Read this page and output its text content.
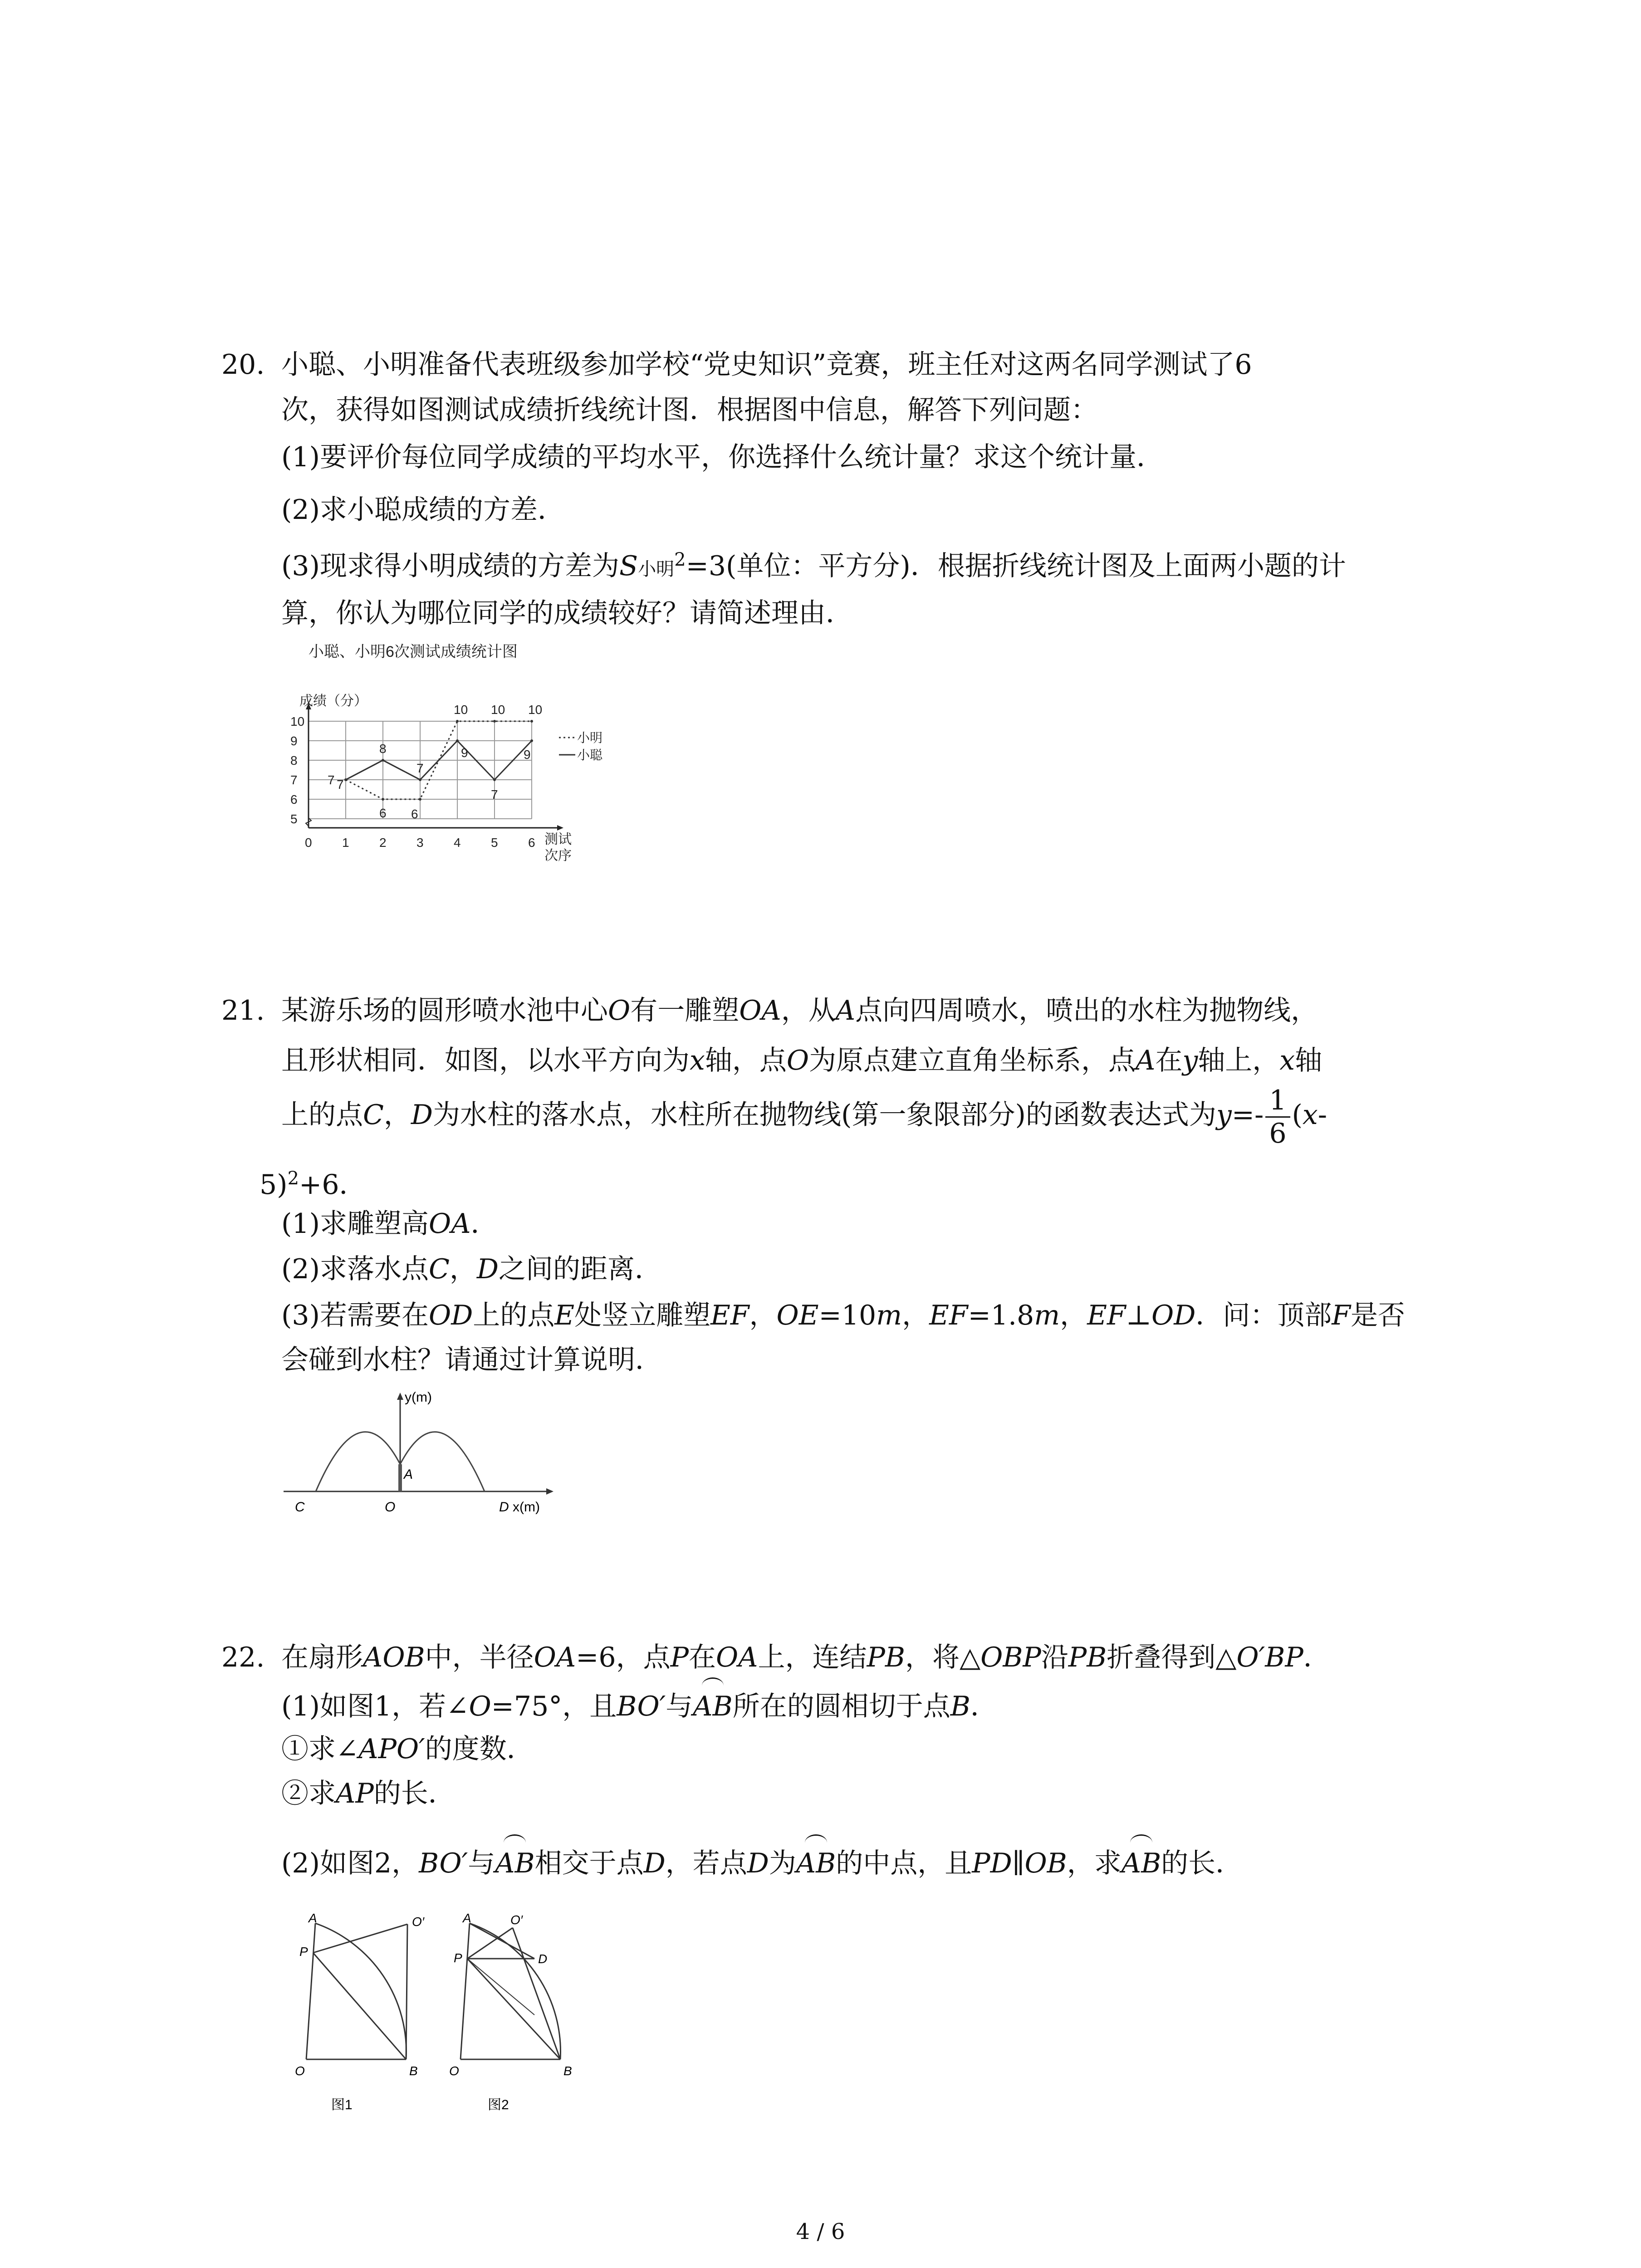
20. 小聪、小明准备代表班级参加学校“党史知识”竞赛，班主任对这两名同学测试了6
次，获得如图测试成绩折线统计图．根据图中信息，解答下列问题：
(1)要评价每位同学成绩的平均水平，你选择什么统计量？求这个统计量．
(2)求小聪成绩的方差．
(3)现求得小明成绩的方差为S小明$^2$=3(单位：平方分)．根据折线统计图及上面两小题的计
算，你认为哪位同学的成绩较好？请简述理由．
小聪、小明6次测试成绩统计图
成绩（分）
测试次序
5
6
7
8
9
10
0 1 2 3 4 5 6
7
6 6
10 10 10
7
8
7
9
7
9
小明
小聪
21. 某游乐场的圆形喷水池中心O有一雕塑OA，从A点向四周喷水，喷出的水柱为抛物线，
且形状相同．如图，以水平方向为x轴，点O为原点建立直角坐标系，点A在y轴上，x轴
上的点C，D为水柱的落水点，水柱所在抛物线(第一象限部分)的函数表达式为$y=- \frac{1}{6} (x-$
5)$^2$+6．
(1)求雕塑高OA．
(2)求落水点C，D之间的距离．
(3)若需要在OD上的点E处竖立雕塑EF，OE=10m，EF=1.8m，EF⊥OD．问：顶部F是否
会碰到水柱？请通过计算说明．
y(m)
A
C	O	D x(m)
22. 在扇形AOB中，半径OA=6，点P在OA上，连结PB，将△OBP沿PB折叠得到△O′BP．
(1)如图1，若∠O=75°，且BO′与AB所在的圆相切于点B．
①求∠APO′的度数．
②求AP的长．
(2)如图2，BO′与AB相交于点D，若点D为AB的中点，且PD∥OB，求AB的长．
A	O′
P
O	B
图1
A	O′
P	D
O	B
图2
4 / 6
